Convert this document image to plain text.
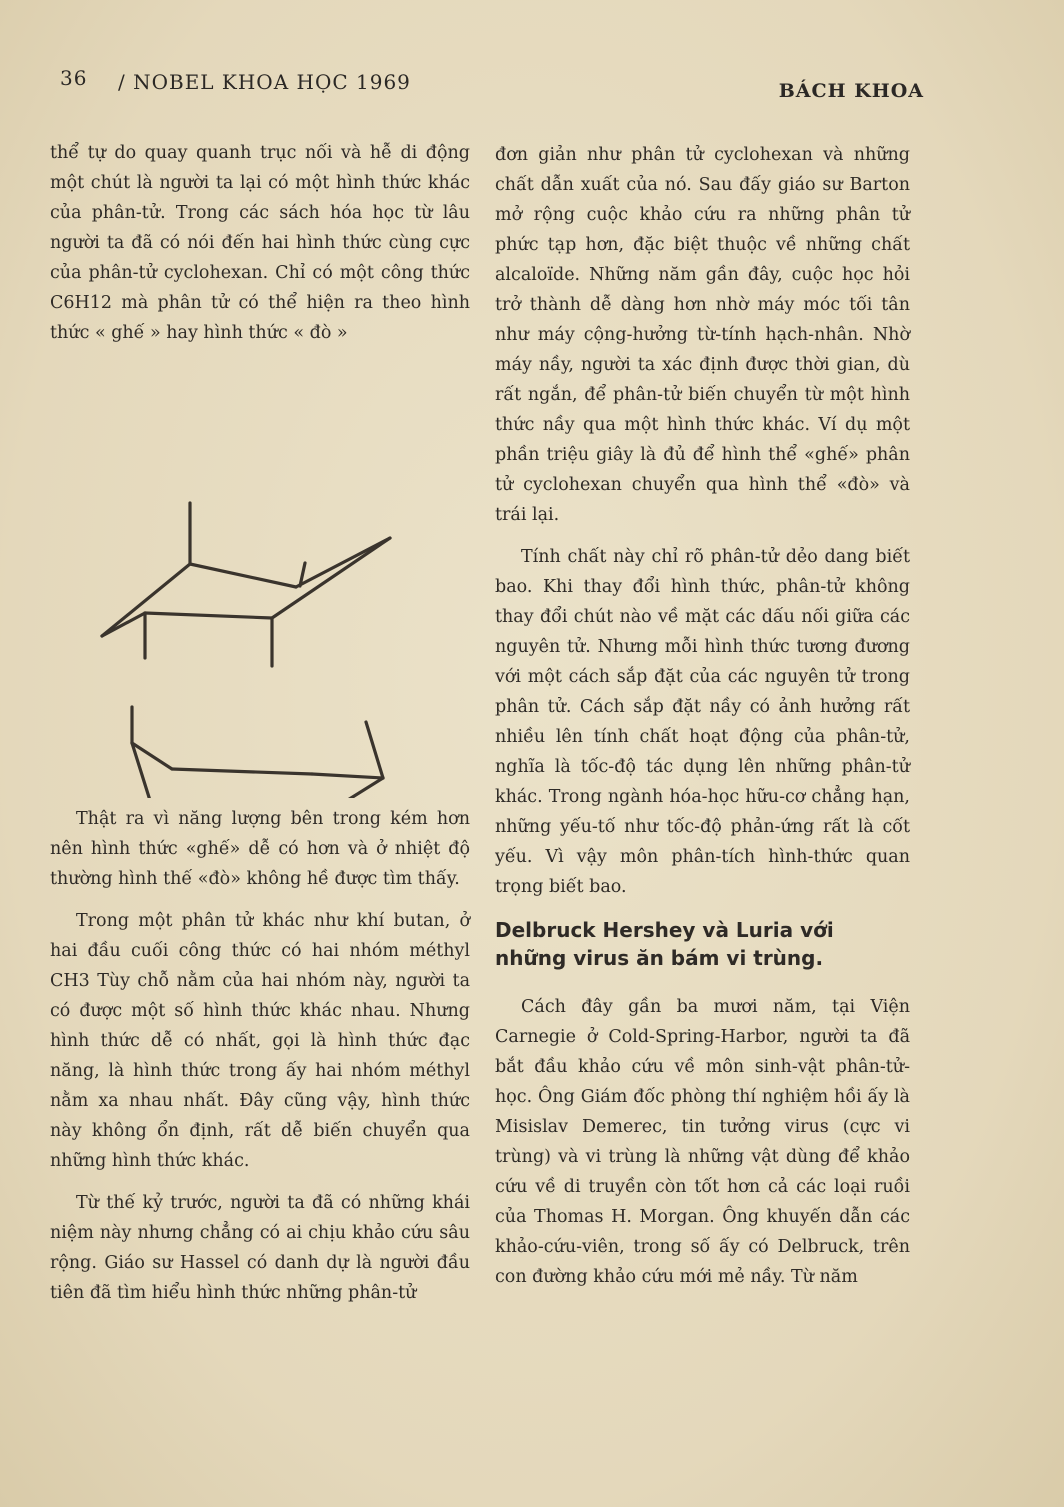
36 / NOBEL KHOA HỌC 1969	BÁCH KHOA

thể tự do quay quanh trục nối và hễ di động một chút là người ta lại có một hình thức khác của phân-tử. Trong các sách hóa học từ lâu người ta đã có nói đến hai hình thức cùng cực của phân-tử cyclohexan. Chỉ có một công thức C6H12 mà phân tử có thể hiện ra theo hình thức « ghế » hay hình thức « đò »

Thật ra vì năng lượng bên trong kém hơn nên hình thức «ghế» dễ có hơn và ở nhiệt độ thường hình thế «đò» không hề được tìm thấy.

Trong một phân tử khác như khí butan, ở hai đầu cuối công thức có hai nhóm méthyl CH3 Tùy chỗ nằm của hai nhóm này, người ta có được một số hình thức khác nhau. Nhưng hình thức dễ có nhất, gọi là hình thức đạc năng, là hình thức trong ấy hai nhóm méthyl nằm xa nhau nhất. Đây cũng vậy, hình thức này không ổn định, rất dễ biến chuyển qua những hình thức khác.

Từ thế kỷ trước, người ta đã có những khái niệm này nhưng chẳng có ai chịu khảo cứu sâu rộng. Giáo sư Hassel có danh dự là người đầu tiên đã tìm hiểu hình thức những phân-tử

đơn giản như phân tử cyclohexan và những chất dẫn xuất của nó. Sau đấy giáo sư Barton mở rộng cuộc khảo cứu ra những phân tử phức tạp hơn, đặc biệt thuộc về những chất alcaloïde. Những năm gần đây, cuộc học hỏi trở thành dễ dàng hơn nhờ máy móc tối tân như máy cộng-hưởng từ-tính hạch-nhân. Nhờ máy nầy, người ta xác định được thời gian, dù rất ngắn, để phân-tử biến chuyển từ một hình thức nầy qua một hình thức khác. Ví dụ một phần triệu giây là đủ để hình thể «ghế» phân tử cyclohexan chuyển qua hình thể «đò» và trái lại.

Tính chất này chỉ rõ phân-tử dẻo dang biết bao. Khi thay đổi hình thức, phân-tử không thay đổi chút nào về mặt các dấu nối giữa các nguyên tử. Nhưng mỗi hình thức tương đương với một cách sắp đặt của các nguyên tử trong phân tử. Cách sắp đặt nầy có ảnh hưởng rất nhiều lên tính chất hoạt động của phân-tử, nghĩa là tốc-độ tác dụng lên những phân-tử khác. Trong ngành hóa-học hữu-cơ chẳng hạn, những yếu-tố như tốc-độ phản-ứng rất là cốt yếu. Vì vậy môn phân-tích hình-thức quan trọng biết bao.

Delbruck Hershey và Luria với những virus ăn bám vi trùng.

Cách đây gần ba mươi năm, tại Viện Carnegie ở Cold-Spring-Harbor, người ta đã bắt đầu khảo cứu về môn sinh-vật phân-tử-học. Ông Giám đốc phòng thí nghiệm hồi ấy là Misislav Demerec, tin tưởng virus (cực vi trùng) và vi trùng là những vật dùng để khảo cứu về di truyền còn tốt hơn cả các loại ruồi của Thomas H. Morgan. Ông khuyến dẫn các khảo-cứu-viên, trong số ấy có Delbruck, trên con đường khảo cứu mới mẻ nầy. Từ năm
